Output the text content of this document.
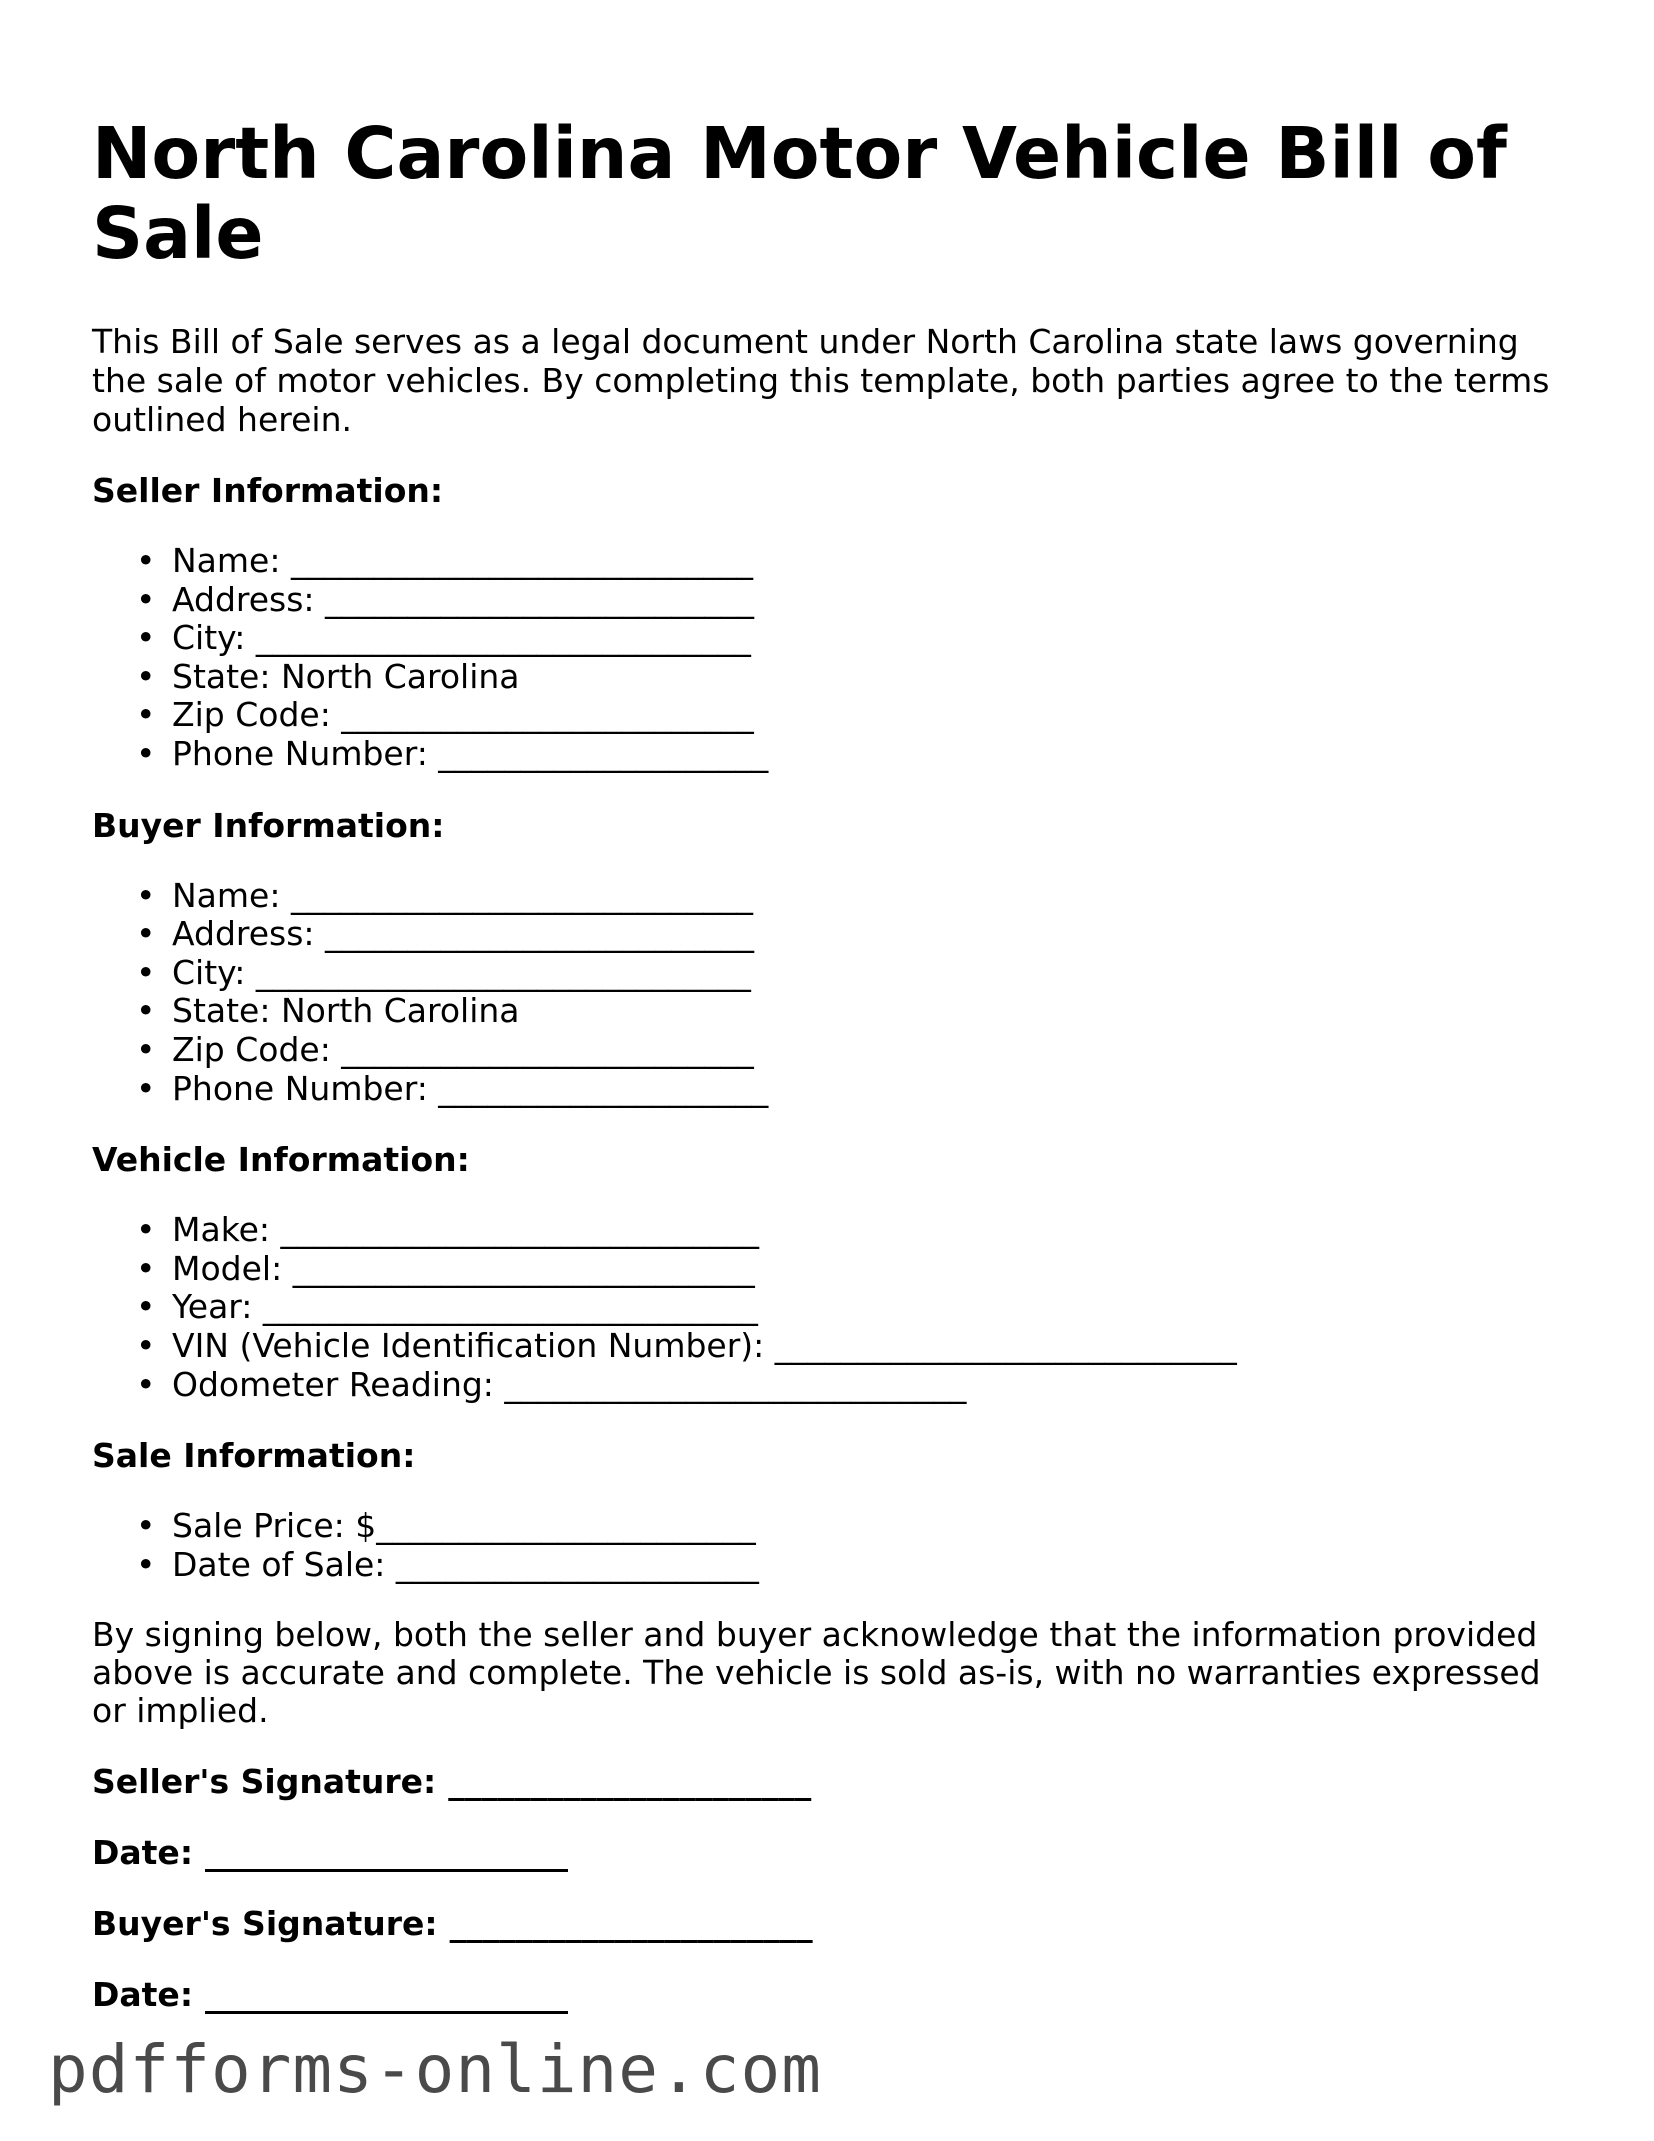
North Carolina Motor Vehicle Bill of Sale

This Bill of Sale serves as a legal document under North Carolina state laws governing the sale of motor vehicles. By completing this template, both parties agree to the terms outlined herein.

Seller Information:
• Name: ____________________________
• Address: __________________________
• City: ______________________________
• State: North Carolina
• Zip Code: _________________________
• Phone Number: ____________________
Buyer Information:
• Name: ____________________________
• Address: __________________________
• City: ______________________________
• State: North Carolina
• Zip Code: _________________________
• Phone Number: ____________________
Vehicle Information:
• Make: _____________________________
• Model: ____________________________
• Year: ______________________________
• VIN (Vehicle Identification Number): ____________________________
• Odometer Reading: ____________________________
Sale Information:
• Sale Price: $_______________________
• Date of Sale: ______________________

By signing below, both the seller and buyer acknowledge that the information provided above is accurate and complete. The vehicle is sold as-is, with no warranties expressed or implied.

Seller's Signature: ______________________
Date: ______________________
Buyer's Signature: ______________________
Date: ______________________
pdfforms-online.com
